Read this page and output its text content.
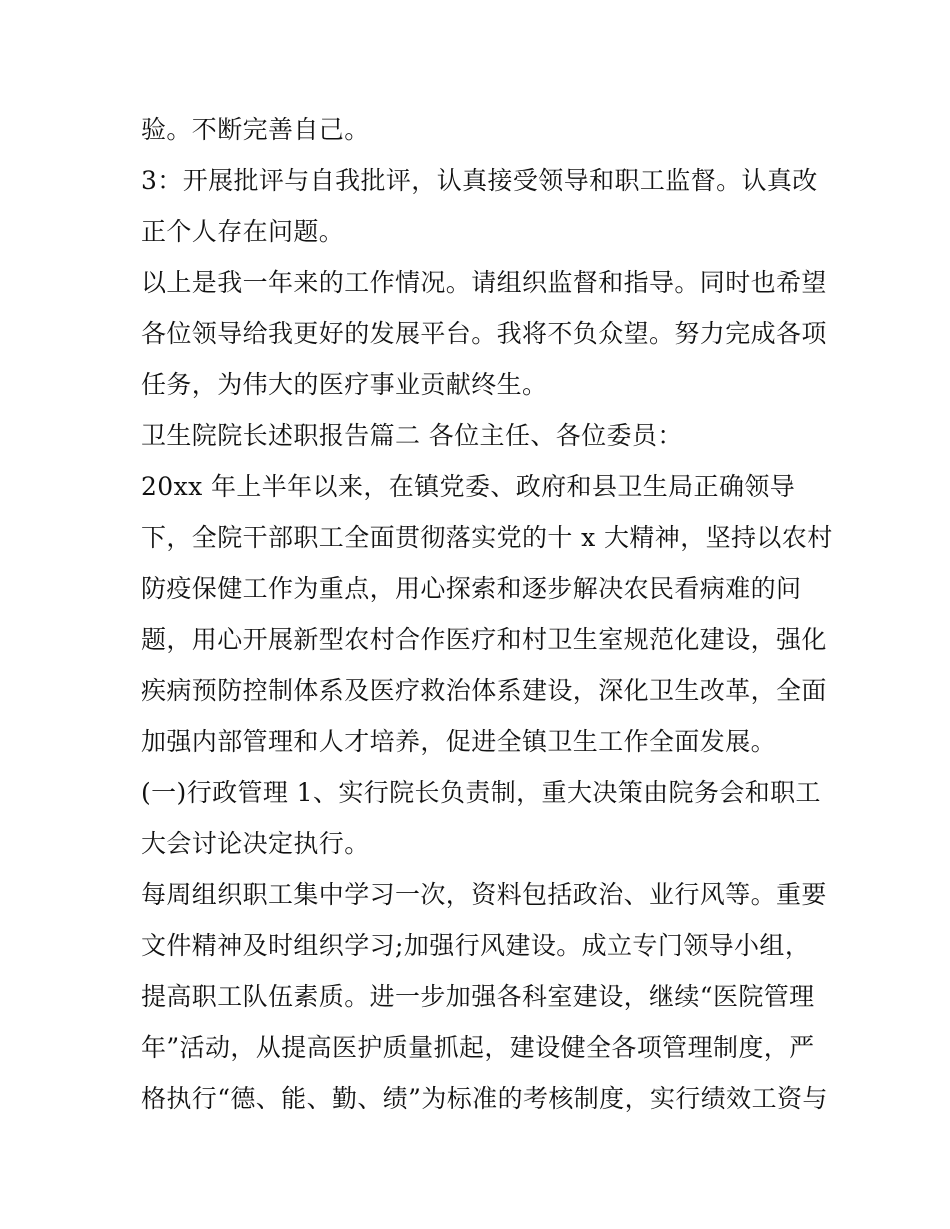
验。不断完善自己。
3：开展批评与自我批评，认真接受领导和职工监督。认真改
正个人存在问题。
以上是我一年来的工作情况。请组织监督和指导。同时也希望
各位领导给我更好的发展平台。我将不负众望。努力完成各项
任务，为伟大的医疗事业贡献终生。
卫生院院长述职报告篇二 各位主任、各位委员：
20xx 年上半年以来，在镇党委、政府和县卫生局正确领导
下，全院干部职工全面贯彻落实党的十 x 大精神，坚持以农村
防疫保健工作为重点，用心探索和逐步解决农民看病难的问
题，用心开展新型农村合作医疗和村卫生室规范化建设，强化
疾病预防控制体系及医疗救治体系建设，深化卫生改革，全面
加强内部管理和人才培养，促进全镇卫生工作全面发展。
(一)行政管理 1、实行院长负责制，重大决策由院务会和职工
大会讨论决定执行。
每周组织职工集中学习一次，资料包括政治、业行风等。重要
文件精神及时组织学习;加强行风建设。成立专门领导小组，
提高职工队伍素质。进一步加强各科室建设，继续“医院管理
年”活动，从提高医护质量抓起，建设健全各项管理制度，严
格执行“德、能、勤、绩”为标准的考核制度，实行绩效工资与
